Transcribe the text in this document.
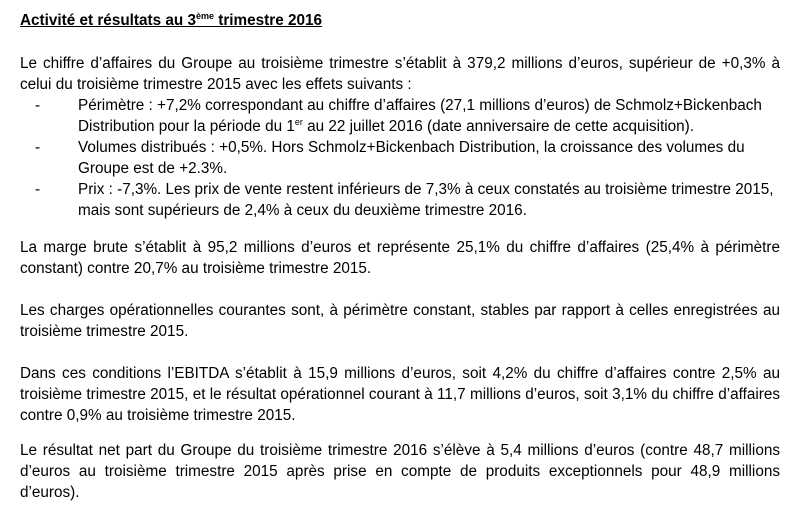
Activité et résultats au 3ème trimestre 2016

Le chiffre d’affaires du Groupe au troisième trimestre s’établit à 379,2 millions d’euros, supérieur de +0,3% à celui du troisième trimestre 2015 avec les effets suivants :

- Périmètre : +7,2% correspondant au chiffre d’affaires (27,1 millions d’euros) de Schmolz+Bickenbach Distribution pour la période du 1er au 22 juillet 2016 (date anniversaire de cette acquisition).
- Volumes distribués : +0,5%. Hors Schmolz+Bickenbach Distribution, la croissance des volumes du Groupe est de +2.3%.
- Prix : -7,3%. Les prix de vente restent inférieurs de 7,3% à ceux constatés au troisième trimestre 2015, mais sont supérieurs de 2,4% à ceux du deuxième trimestre 2016.

La marge brute s’établit à 95,2 millions d’euros et représente 25,1% du chiffre d’affaires (25,4% à périmètre constant) contre 20,7% au troisième trimestre 2015.

Les charges opérationnelles courantes sont, à périmètre constant, stables par rapport à celles enregistrées au troisième trimestre 2015.

Dans ces conditions l’EBITDA s’établit à 15,9 millions d’euros, soit 4,2% du chiffre d’affaires contre 2,5% au troisième trimestre 2015, et le résultat opérationnel courant à 11,7 millions d’euros, soit 3,1% du chiffre d’affaires contre 0,9% au troisième trimestre 2015.

Le résultat net part du Groupe du troisième trimestre 2016 s’élève à 5,4 millions d’euros (contre 48,7 millions d’euros au troisième trimestre 2015 après prise en compte de produits exceptionnels pour 48,9 millions d’euros).
